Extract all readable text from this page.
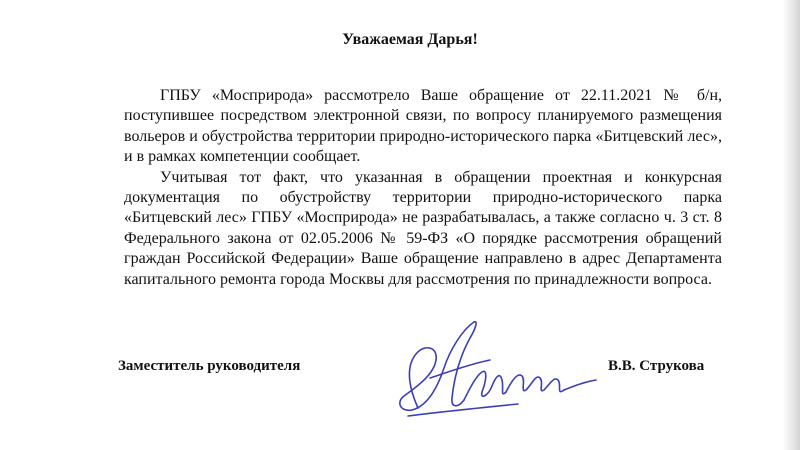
Уважаемая Дарья!

ГПБУ «Мосприрода» рассмотрело Ваше обращение от 22.11.2021 № б/н, поступившее посредством электронной связи, по вопросу планируемого размещения вольеров и обустройства территории природно-исторического парка «Битцевский лес», и в рамках компетенции сообщает.

Учитывая тот факт, что указанная в обращении проектная и конкурсная документация по обустройству территории природно-исторического парка «Битцевский лес» ГПБУ «Мосприрода» не разрабатывалась, а также согласно ч. 3 ст. 8 Федерального закона от 02.05.2006 № 59-ФЗ «О порядке рассмотрения обращений граждан Российской Федерации» Ваше обращение направлено в адрес Департамента капитального ремонта города Москвы для рассмотрения по принадлежности вопроса.

Заместитель руководителя	В.В. Струкова
